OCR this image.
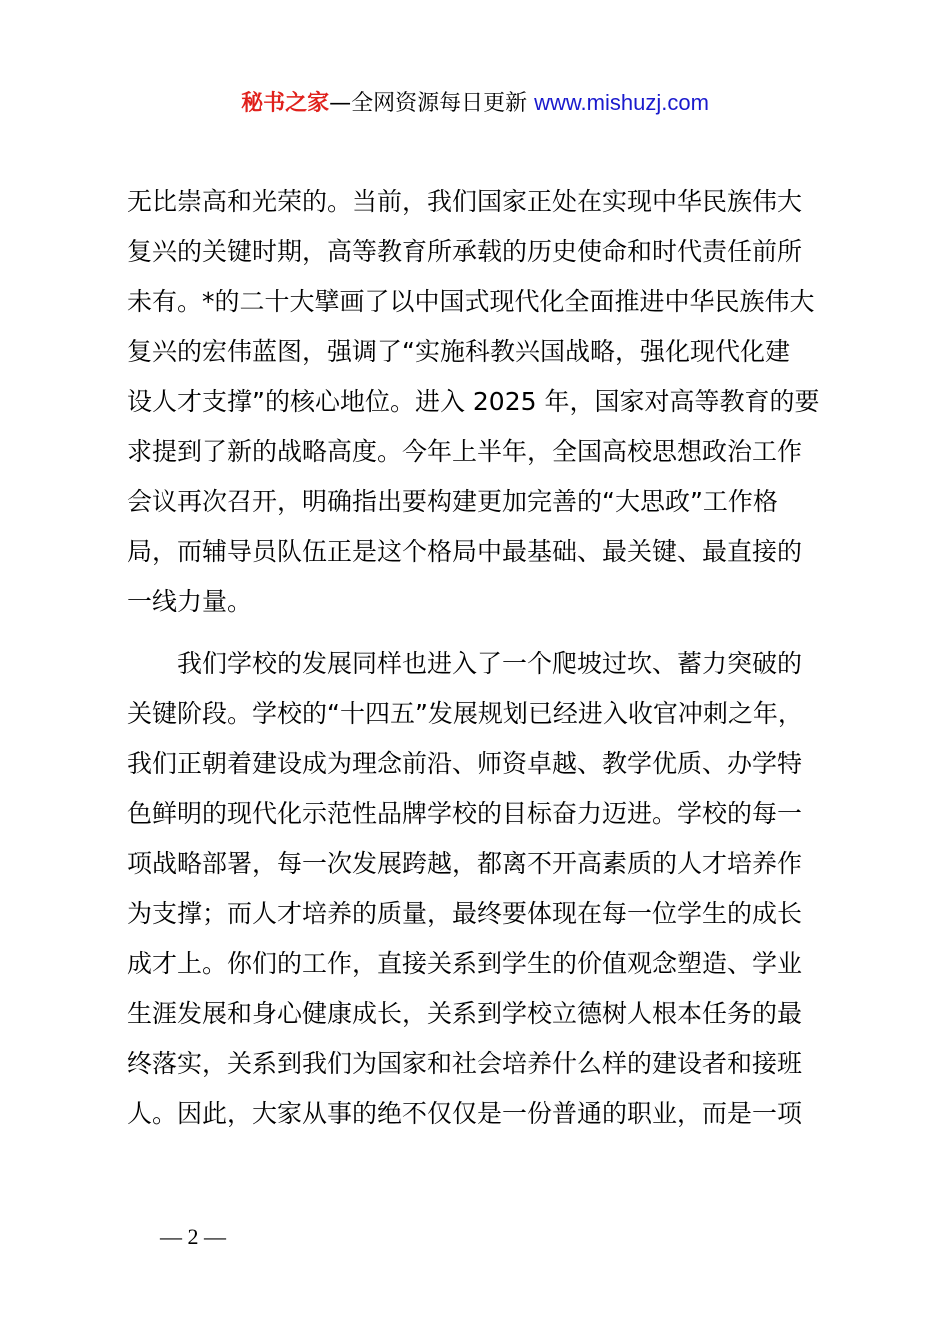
秘书之家—全网资源每日更新 www.mishuzj.com
无比崇高和光荣的。当前，我们国家正处在实现中华民族伟大
复兴的关键时期，高等教育所承载的历史使命和时代责任前所
未有。*的二十大擘画了以中国式现代化全面推进中华民族伟大
复兴的宏伟蓝图，强调了“实施科教兴国战略，强化现代化建
设人才支撑”的核心地位。进入 2025 年，国家对高等教育的要
求提到了新的战略高度。今年上半年，全国高校思想政治工作
会议再次召开，明确指出要构建更加完善的“大思政”工作格
局，而辅导员队伍正是这个格局中最基础、最关键、最直接的
一线力量。
我们学校的发展同样也进入了一个爬坡过坎、蓄力突破的
关键阶段。学校的“十四五”发展规划已经进入收官冲刺之年，
我们正朝着建设成为理念前沿、师资卓越、教学优质、办学特
色鲜明的现代化示范性品牌学校的目标奋力迈进。学校的每一
项战略部署，每一次发展跨越，都离不开高素质的人才培养作
为支撑；而人才培养的质量，最终要体现在每一位学生的成长
成才上。你们的工作，直接关系到学生的价值观念塑造、学业
生涯发展和身心健康成长，关系到学校立德树人根本任务的最
终落实，关系到我们为国家和社会培养什么样的建设者和接班
人。因此，大家从事的绝不仅仅是一份普通的职业，而是一项
— 2 —
